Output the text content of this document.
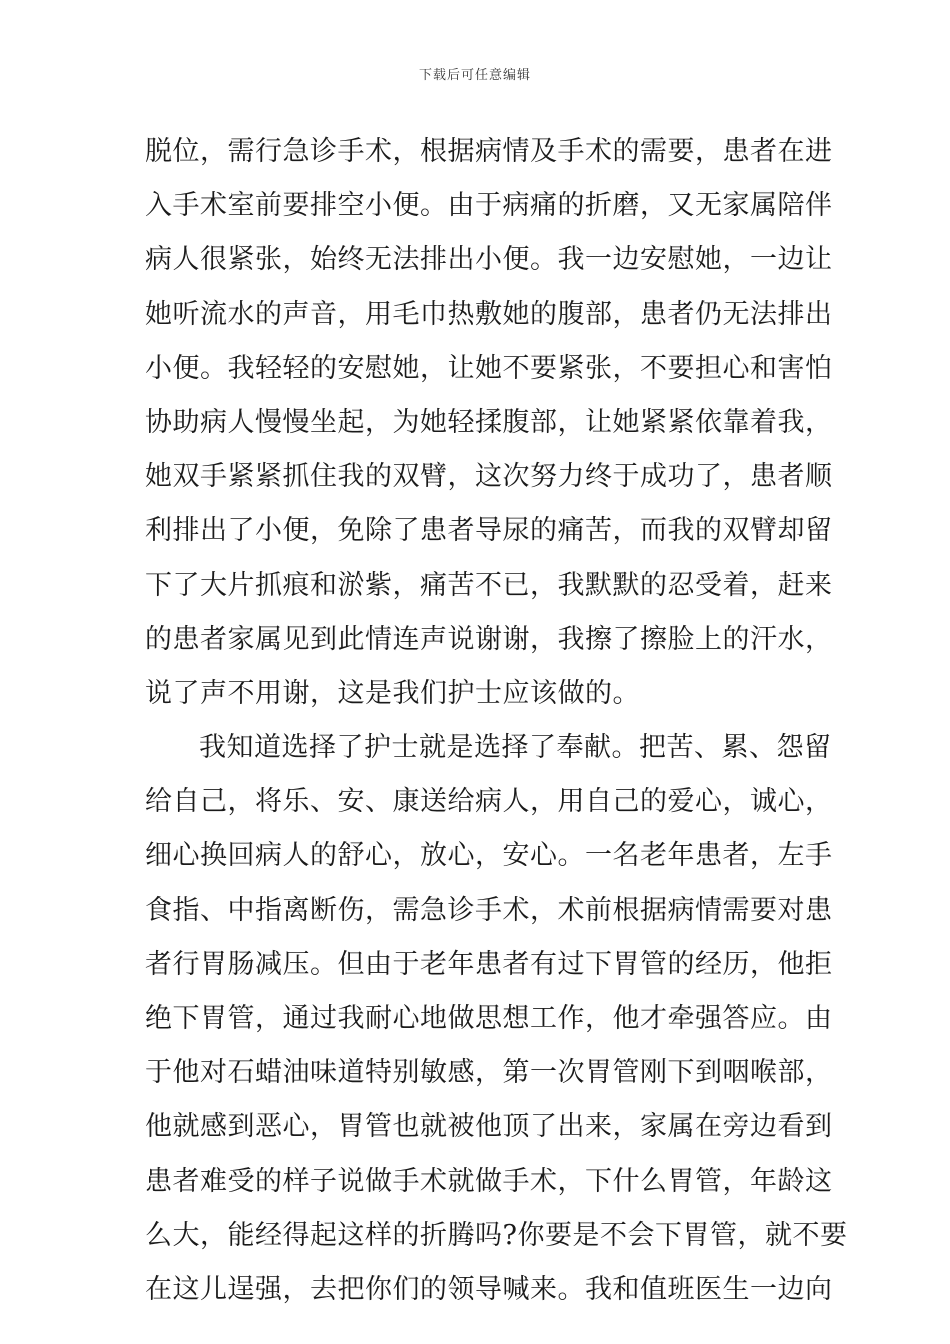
下载后可任意编辑
脱位，需行急诊手术，根据病情及手术的需要，患者在进
入手术室前要排空小便。由于病痛的折磨，又无家属陪伴
病人很紧张，始终无法排出小便。我一边安慰她，一边让
她听流水的声音，用毛巾热敷她的腹部，患者仍无法排出
小便。我轻轻的安慰她，让她不要紧张，不要担心和害怕
协助病人慢慢坐起，为她轻揉腹部，让她紧紧依靠着我，
她双手紧紧抓住我的双臂，这次努力终于成功了，患者顺
利排出了小便，免除了患者导尿的痛苦，而我的双臂却留
下了大片抓痕和淤紫，痛苦不已，我默默的忍受着，赶来
的患者家属见到此情连声说谢谢，我擦了擦脸上的汗水，
说了声不用谢，这是我们护士应该做的。
我知道选择了护士就是选择了奉献。把苦、累、怨留
给自己，将乐、安、康送给病人，用自己的爱心，诚心，
细心换回病人的舒心，放心，安心。一名老年患者，左手
食指、中指离断伤，需急诊手术，术前根据病情需要对患
者行胃肠减压。但由于老年患者有过下胃管的经历，他拒
绝下胃管，通过我耐心地做思想工作，他才牵强答应。由
于他对石蜡油味道特别敏感，第一次胃管刚下到咽喉部，
他就感到恶心，胃管也就被他顶了出来，家属在旁边看到
患者难受的样子说做手术就做手术，下什么胃管，年龄这
么大，能经得起这样的折腾吗?你要是不会下胃管，就不要
在这儿逞强，去把你们的领导喊来。我和值班医生一边向
